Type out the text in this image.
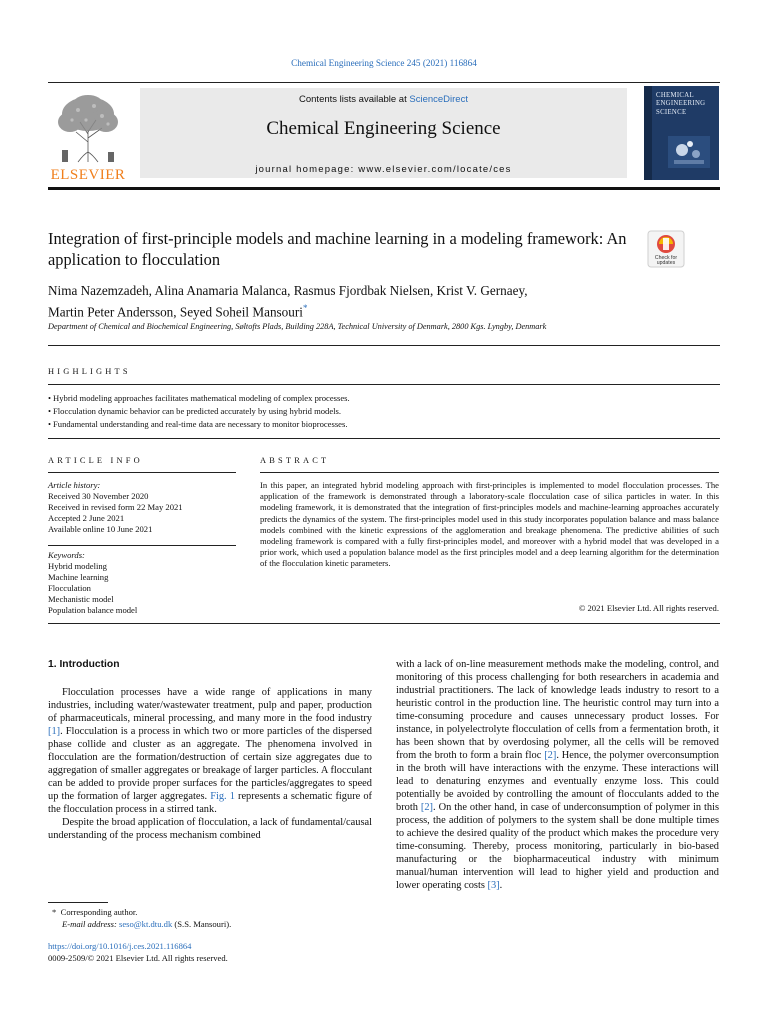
Chemical Engineering Science 245 (2021) 116864
ELSEVIER
Contents lists available at ScienceDirect
Chemical Engineering Science
journal homepage: www.elsevier.com/locate/ces
CHEMICAL
ENGINEERING
SCIENCE
Integration of first-principle models and machine learning in a modeling framework: An application to flocculation	Check for
updates
Nima Nazemzadeh, Alina Anamaria Malanca, Rasmus Fjordbak Nielsen, Krist V. Gernaey,
Martin Peter Andersson, Seyed Soheil Mansouri*
Department of Chemical and Biochemical Engineering, Søltofts Plads, Building 228A, Technical University of Denmark, 2800 Kgs. Lyngby, Denmark
HIGHLIGHTS
• Hybrid modeling approaches facilitates mathematical modeling of complex processes.
• Flocculation dynamic behavior can be predicted accurately by using hybrid models.
• Fundamental understanding and real-time data are necessary to monitor bioprocesses.
ARTICLE INFO
Article history:
Received 30 November 2020
Received in revised form 22 May 2021
Accepted 2 June 2021
Available online 10 June 2021
Keywords:
Hybrid modeling
Machine learning
Flocculation
Mechanistic model
Population balance model
ABSTRACT
In this paper, an integrated hybrid modeling approach with first-principles is implemented to model flocculation processes. The application of the framework is demonstrated through a laboratory-scale flocculation case of silica particles in water. In this modeling framework, it is demonstrated that the integration of first-principles models and machine-learning approaches accurately predicts the dynamics of the system. The first-principles model used in this study incorporates population balance and mass balance models combined with the kinetic expressions of the agglomeration and breakage phenomena. The predictive abilities of such modeling framework is compared with a fully first-principles model, and moreover with a hybrid model that was developed in a prior work, which used a population balance model as the first principles model and a deep learning algorithm for the determination of the flocculation kinetic parameters.
© 2021 Elsevier Ltd. All rights reserved.
1. Introduction

Flocculation processes have a wide range of applications in many industries, including water/wastewater treatment, pulp and paper, production of pharmaceuticals, mineral processing, and many more in the food industry [1]. Flocculation is a process in which two or more particles of the dispersed phase collide and cluster as an aggregate. The phenomena involved in flocculation are the formation/destruction of certain size aggregates due to aggregation of smaller aggregates or breakage of larger particles. A flocculant can be added to provide proper surfaces for the particles/aggregates to speed up the formation of larger aggregates. Fig. 1 represents a schematic figure of the flocculation process in a stirred tank.

Despite the broad application of flocculation, a lack of fundamental/causal understanding of the process mechanism combined

with a lack of on-line measurement methods make the modeling, control, and monitoring of this process challenging for both researchers in academia and industrial practitioners. The lack of knowledge leads industry to resort to a heuristic control in the production line. The heuristic control may turn into a time-consuming procedure and causes unnecessary product losses. For instance, in polyelectrolyte flocculation of cells from a fermentation broth, it has been shown that by overdosing polymer, all the cells will be removed from the broth to form a brain floc [2]. Hence, the polymer overconsumption in the broth will have interactions with the enzyme. These interactions will lead to denaturing enzymes and eventually enzyme loss. This could potentially be avoided by controlling the amount of flocculants added to the broth [2]. On the other hand, in case of underconsumption of polymer in this process, the addition of polymers to the system shall be done multiple times to achieve the desired quality of the product which makes the procedure very time-consuming. Thereby, process monitoring, particularly in bio-based manufacturing or the biopharmaceutical industry with minimum manual/human intervention will lead to higher yield and production and lower operating costs [3].

* Corresponding author.
E-mail address: seso@kt.dtu.dk (S.S. Mansouri).
https://doi.org/10.1016/j.ces.2021.116864
0009-2509/© 2021 Elsevier Ltd. All rights reserved.
